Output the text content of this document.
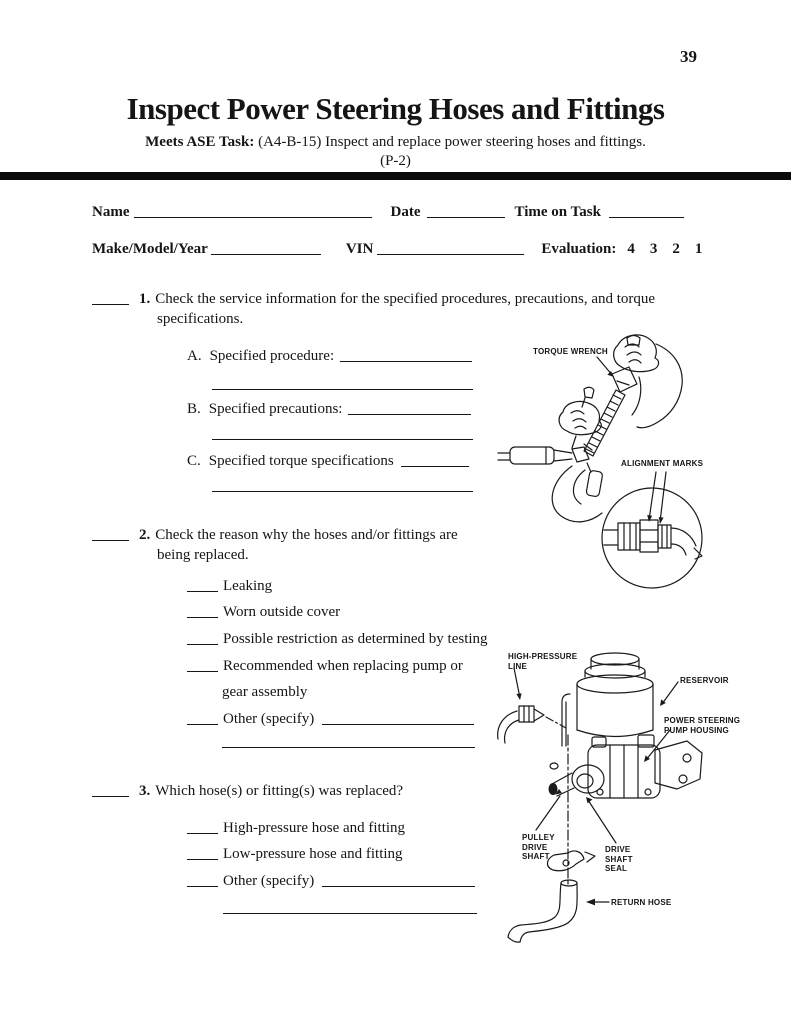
39
Inspect Power Steering Hoses and Fittings
Meets ASE Task: (A4-B-15) Inspect and replace power steering hoses and fittings.
(P-2)
Name	Date	Time on Task
Make/Model/Year	VIN	Evaluation: 4 3 2 1
1. Check the service information for the specified procedures, precautions, and torque
specifications.
A. Specified procedure:
B. Specified precautions:
C. Specified torque specifications
2. Check the reason why the hoses and/or fittings are
being replaced.
Leaking
Worn outside cover
Possible restriction as determined by testing
Recommended when replacing pump or
gear assembly
Other (specify)
3. Which hose(s) or fitting(s) was replaced?
High-pressure hose and fitting
Low-pressure hose and fitting
Other (specify)
TORQUE WRENCH
ALIGNMENT MARKS
HIGH-PRESSURE LINE
RESERVOIR
POWER STEERING PUMP HOUSING
PULLEY DRIVE SHAFT
DRIVE SHAFT SEAL
RETURN HOSE
